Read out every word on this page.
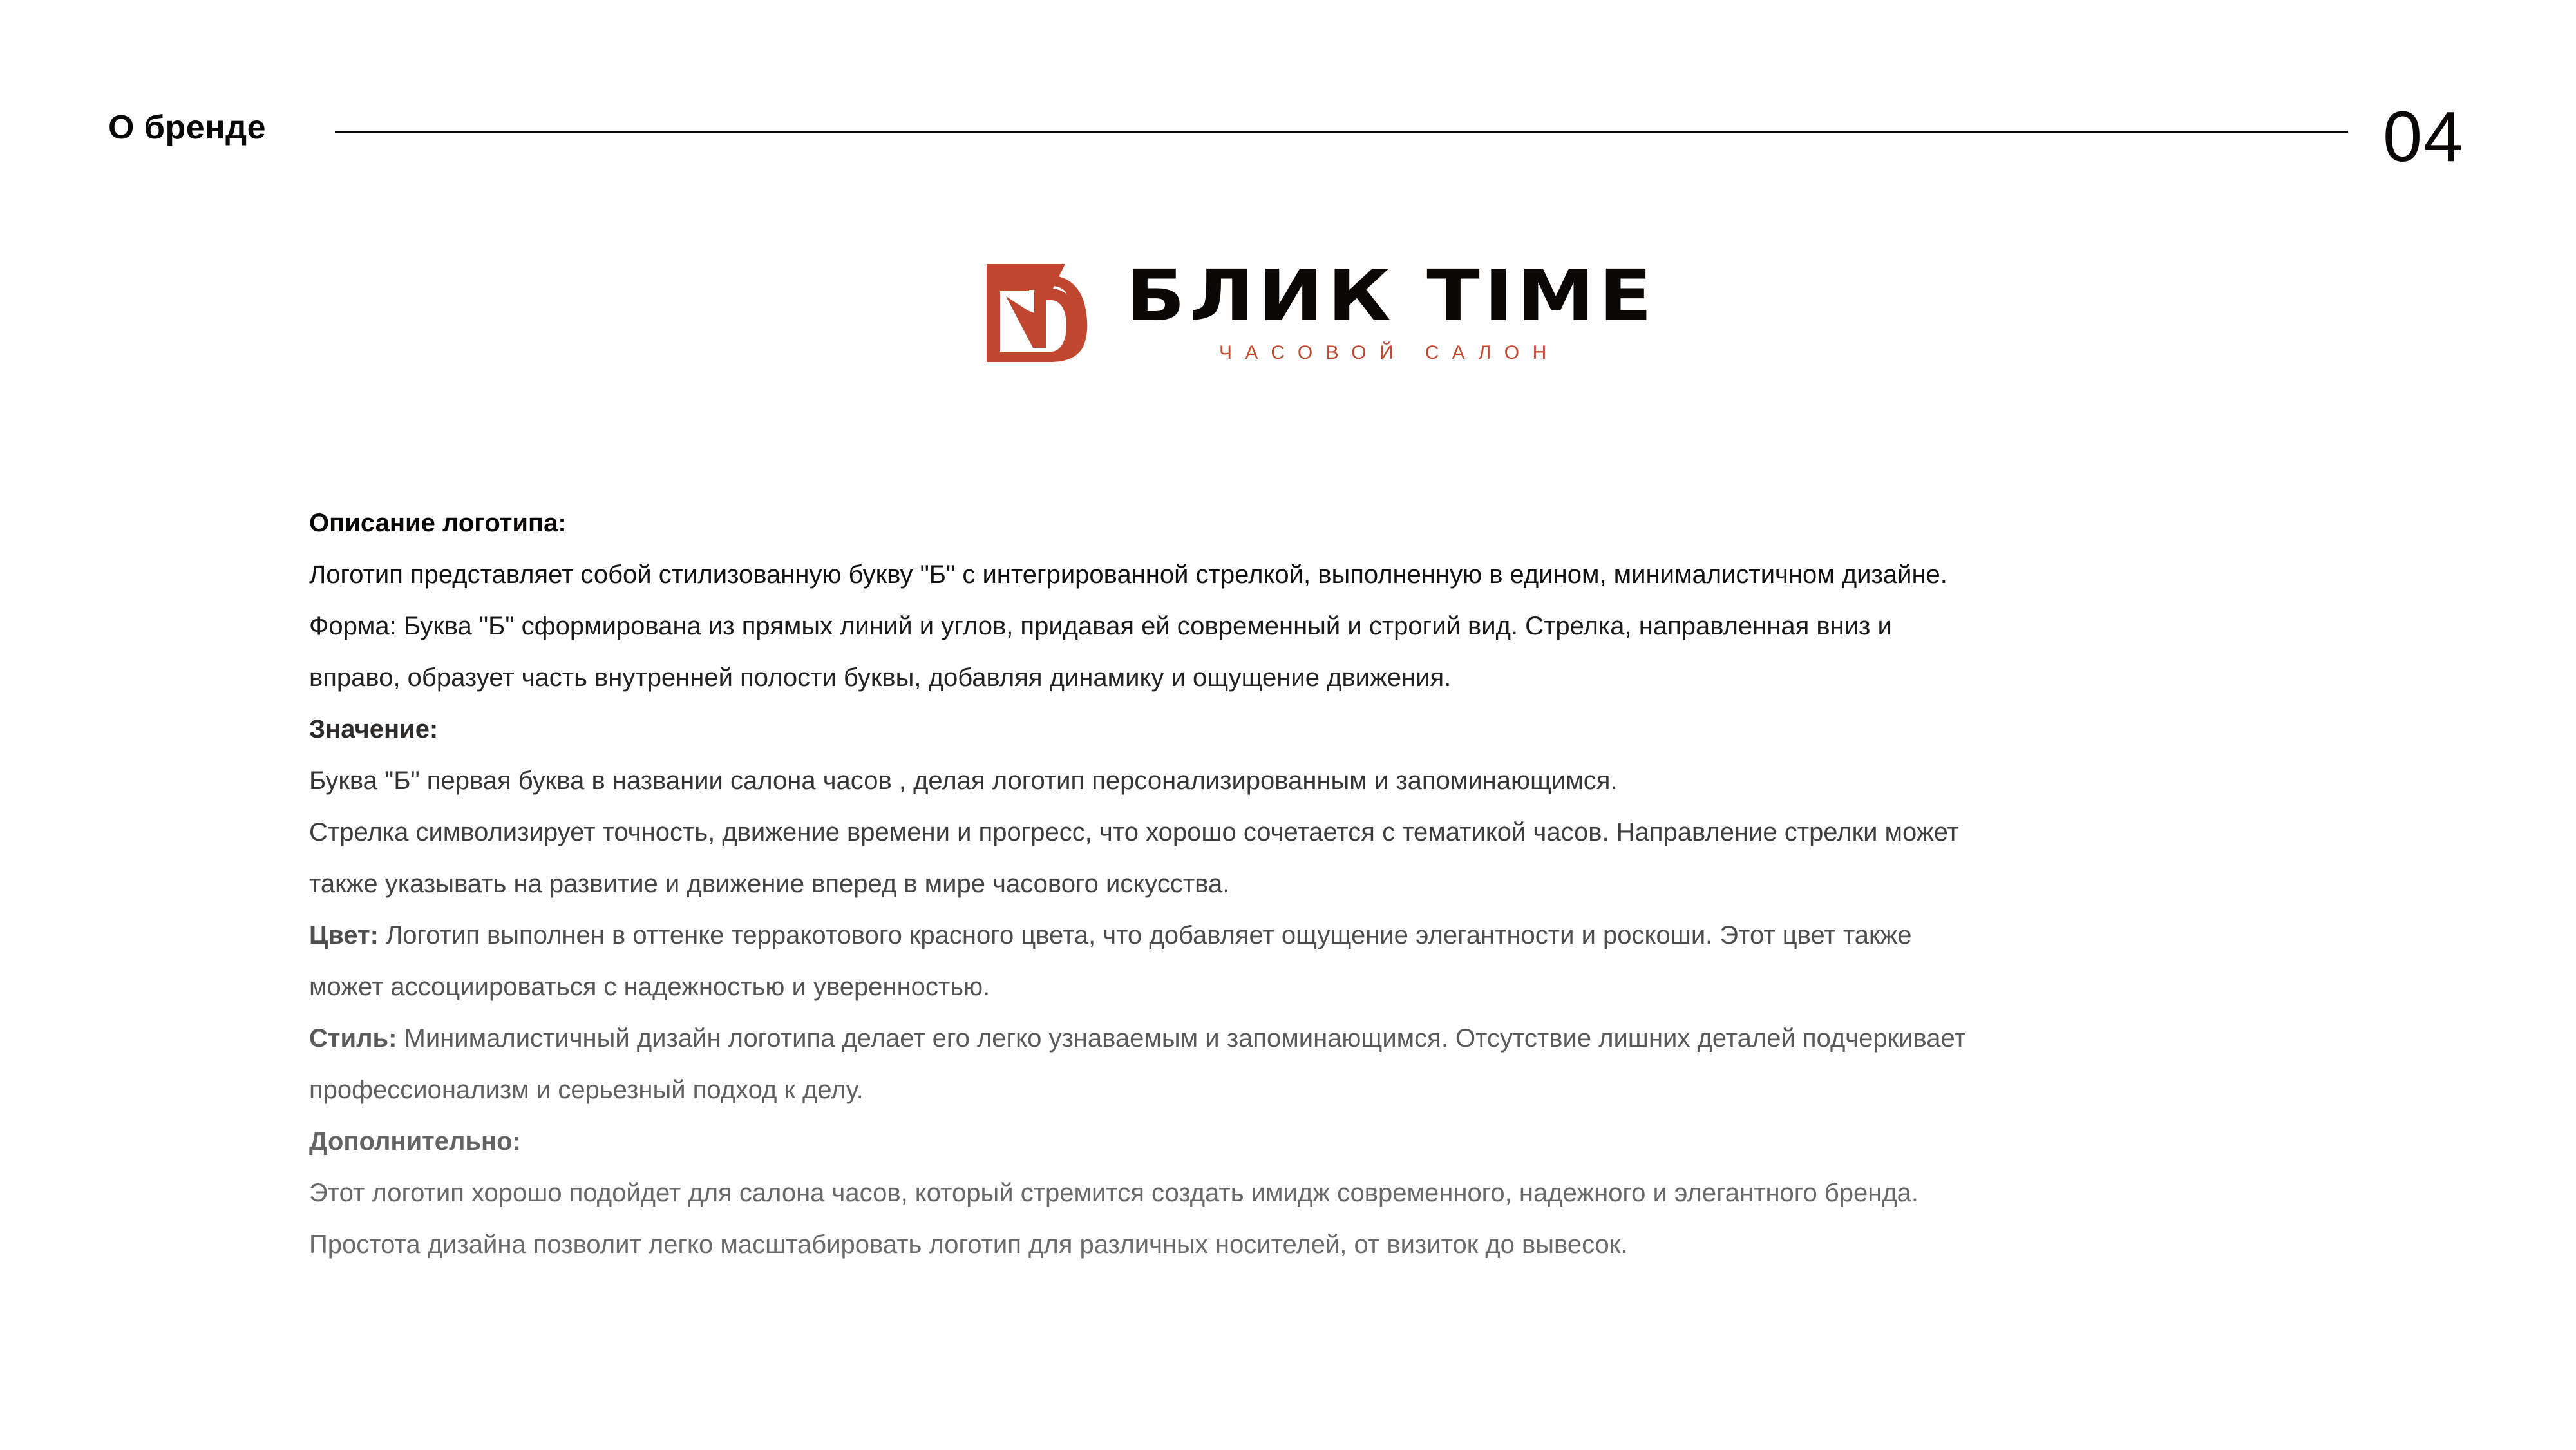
О бренде	04
БЛИК TIME
ЧАСОВОЙ САЛОН

Описание логотипа:

Логотип представляет собой стилизованную букву "Б" с интегрированной стрелкой, выполненную в едином, минималистичном дизайне.

Форма: Буква "Б" сформирована из прямых линий и углов, придавая ей современный и строгий вид. Стрелка, направленная вниз и

вправо, образует часть внутренней полости буквы, добавляя динамику и ощущение движения.

Значение:

Буква "Б" первая буква в названии салона часов , делая логотип персонализированным и запоминающимся.

Стрелка символизирует точность, движение времени и прогресс, что хорошо сочетается с тематикой часов. Направление стрелки может

также указывать на развитие и движение вперед в мире часового искусства.

Цвет: Логотип выполнен в оттенке терракотового красного цвета, что добавляет ощущение элегантности и роскоши. Этот цвет также

может ассоциироваться с надежностью и уверенностью.

Стиль: Минималистичный дизайн логотипа делает его легко узнаваемым и запоминающимся. Отсутствие лишних деталей подчеркивает

профессионализм и серьезный подход к делу.

Дополнительно:

Этот логотип хорошо подойдет для салона часов, который стремится создать имидж современного, надежного и элегантного бренда.

Простота дизайна позволит легко масштабировать логотип для различных носителей, от визиток до вывесок.
